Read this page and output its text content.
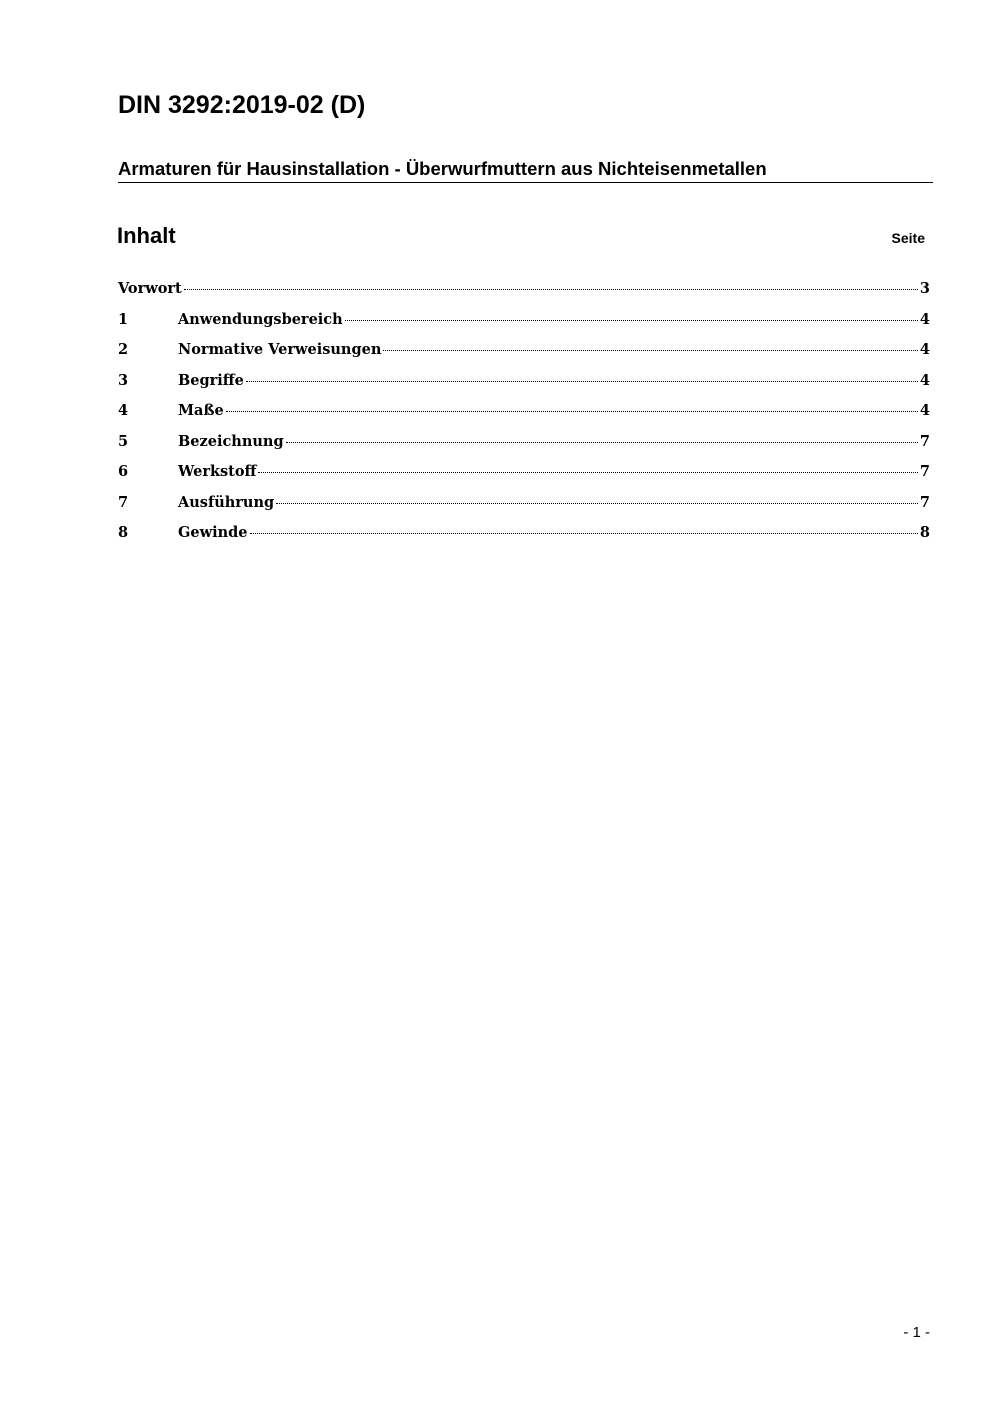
DIN 3292:2019-02 (D)
Armaturen für Hausinstallation - Überwurfmuttern aus Nichteisenmetallen
Inhalt	Seite
Vorwort	3
1	Anwendungsbereich	4
2	Normative Verweisungen	4
3	Begriffe	4
4	Maße	4
5	Bezeichnung	7
6	Werkstoff	7
7	Ausführung	7
8	Gewinde	8
- 1 -
